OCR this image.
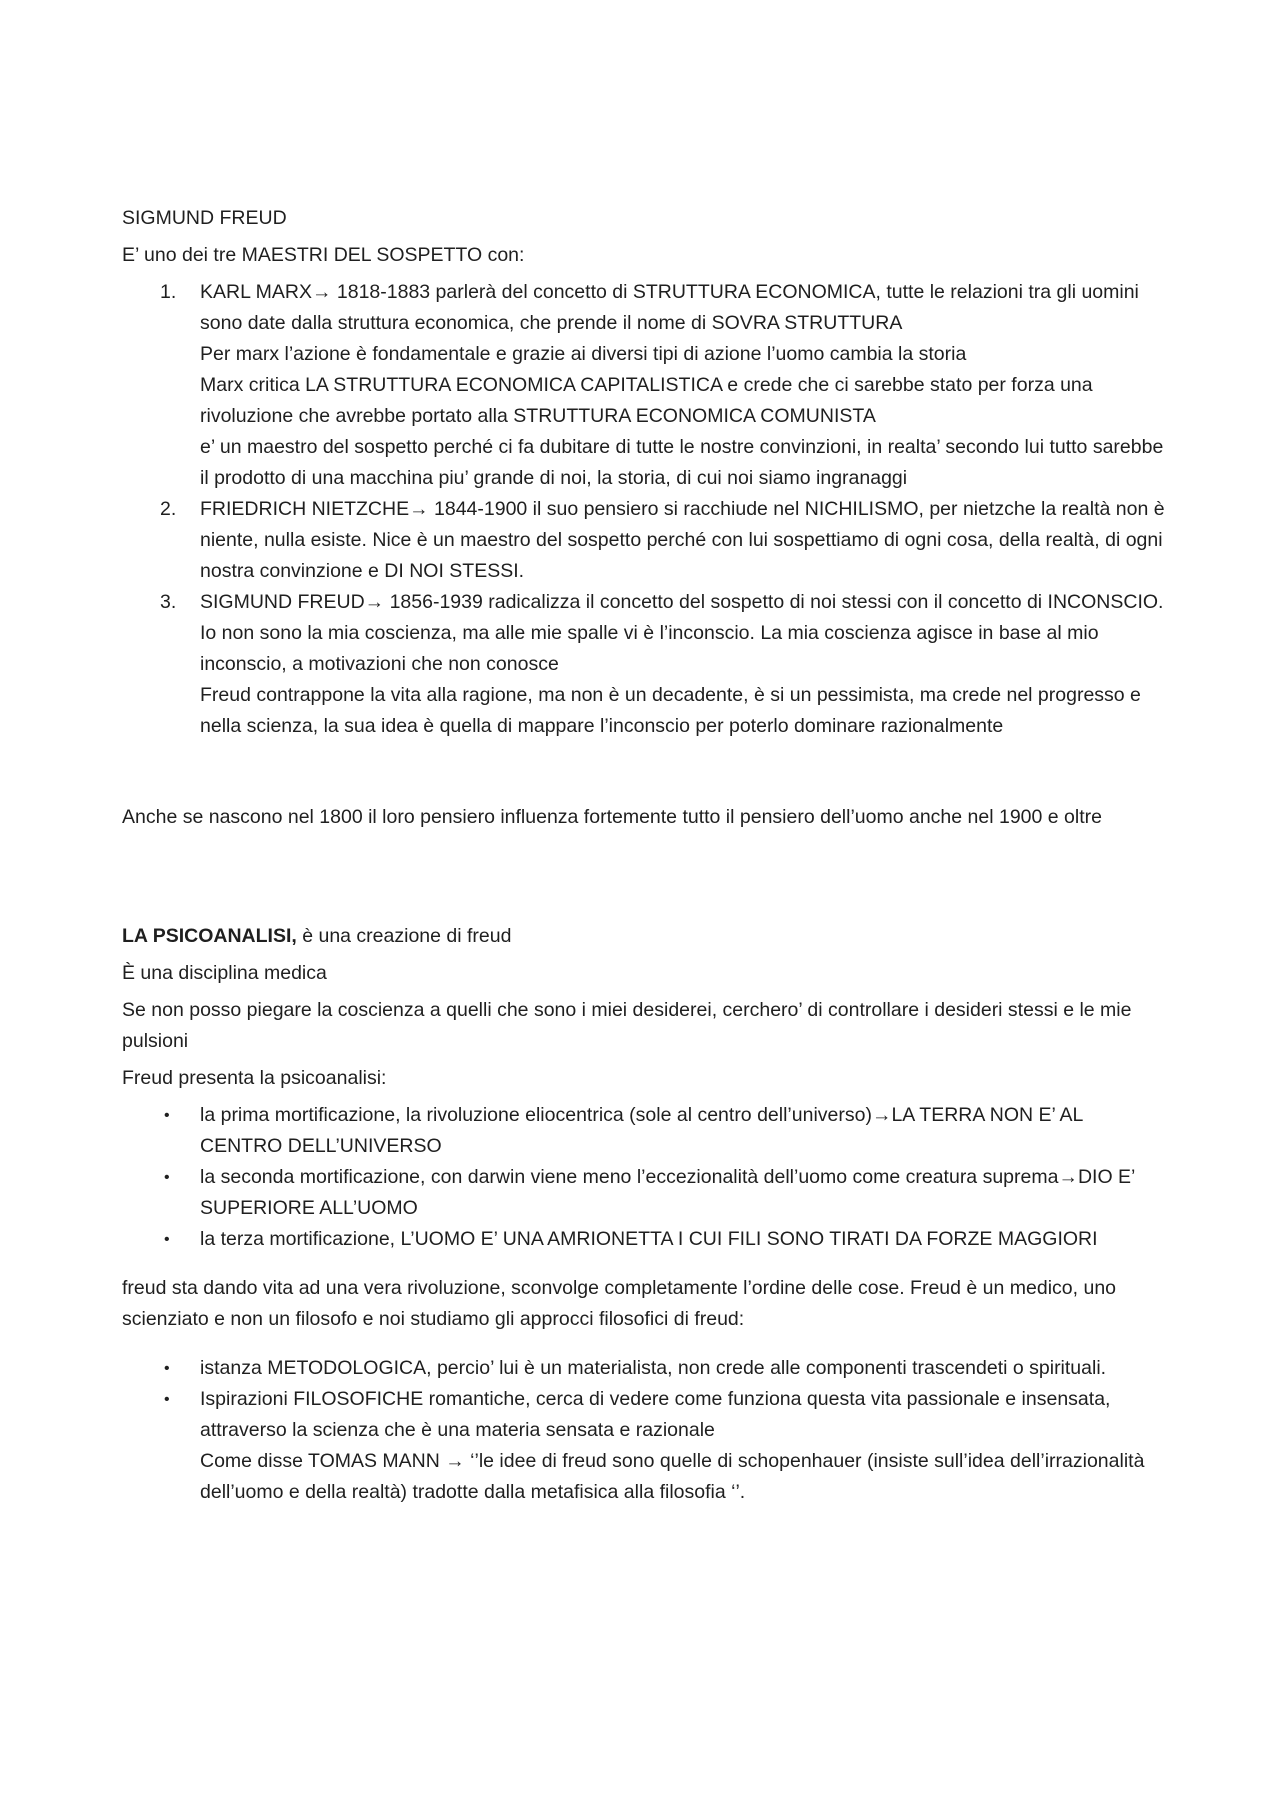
SIGMUND FREUD

E’ uno dei tre MAESTRI DEL SOSPETTO con:

1.	KARL MARX→ 1818-1883 parlerà del concetto di STRUTTURA ECONOMICA, tutte le relazioni tra gli uomini sono date dalla struttura economica, che prende il nome di SOVRA STRUTTURA
Per marx l’azione è fondamentale e grazie ai diversi tipi di azione l’uomo cambia la storia
Marx critica LA STRUTTURA ECONOMICA CAPITALISTICA e crede che ci sarebbe stato per forza una rivoluzione che avrebbe portato alla STRUTTURA ECONOMICA COMUNISTA
e’ un maestro del sospetto perché ci fa dubitare di tutte le nostre convinzioni, in realta’ secondo lui tutto sarebbe il prodotto di una macchina piu’ grande di noi, la storia, di cui noi siamo ingranaggi
2.	FRIEDRICH NIETZCHE→ 1844-1900 il suo pensiero si racchiude nel NICHILISMO, per nietzche la realtà non è niente, nulla esiste. Nice è un maestro del sospetto perché con lui sospettiamo di ogni cosa, della realtà, di ogni nostra convinzione e DI NOI STESSI.
3.	SIGMUND FREUD→ 1856-1939 radicalizza il concetto del sospetto di noi stessi con il concetto di INCONSCIO. Io non sono la mia coscienza, ma alle mie spalle vi è l’inconscio. La mia coscienza agisce in base al mio inconscio, a motivazioni che non conosce
Freud contrappone la vita alla ragione, ma non è un decadente, è si un pessimista, ma crede nel progresso e nella scienza, la sua idea è quella di mappare l’inconscio per poterlo dominare razionalmente

Anche se nascono nel 1800 il loro pensiero influenza fortemente tutto il pensiero dell’uomo anche nel 1900 e oltre

LA PSICOANALISI, è una creazione di freud

È una disciplina medica

Se non posso piegare la coscienza a quelli che sono i miei desiderei, cerchero’ di controllare i desideri stessi e le mie pulsioni

Freud presenta la psicoanalisi:

•	la prima mortificazione, la rivoluzione eliocentrica (sole al centro dell’universo)→LA TERRA NON E’ AL CENTRO DELL’UNIVERSO
•	la seconda mortificazione, con darwin viene meno l’eccezionalità dell’uomo come creatura suprema→DIO E’ SUPERIORE ALL’UOMO
•	la terza mortificazione, L’UOMO E’ UNA AMRIONETTA I CUI FILI SONO TIRATI DA FORZE MAGGIORI

freud sta dando vita ad una vera rivoluzione, sconvolge completamente l’ordine delle cose. Freud è un medico, uno scienziato e non un filosofo e noi studiamo gli approcci filosofici di freud:

•	istanza METODOLOGICA, percio’ lui è un materialista, non crede alle componenti trascendeti o spirituali.
•	Ispirazioni FILOSOFICHE romantiche, cerca di vedere come funziona questa vita passionale e insensata, attraverso la scienza che è una materia sensata e razionale
Come disse TOMAS MANN → ‘’le idee di freud sono quelle di schopenhauer (insiste sull’idea dell’irrazionalità dell’uomo e della realtà) tradotte dalla metafisica alla filosofia ‘’.
